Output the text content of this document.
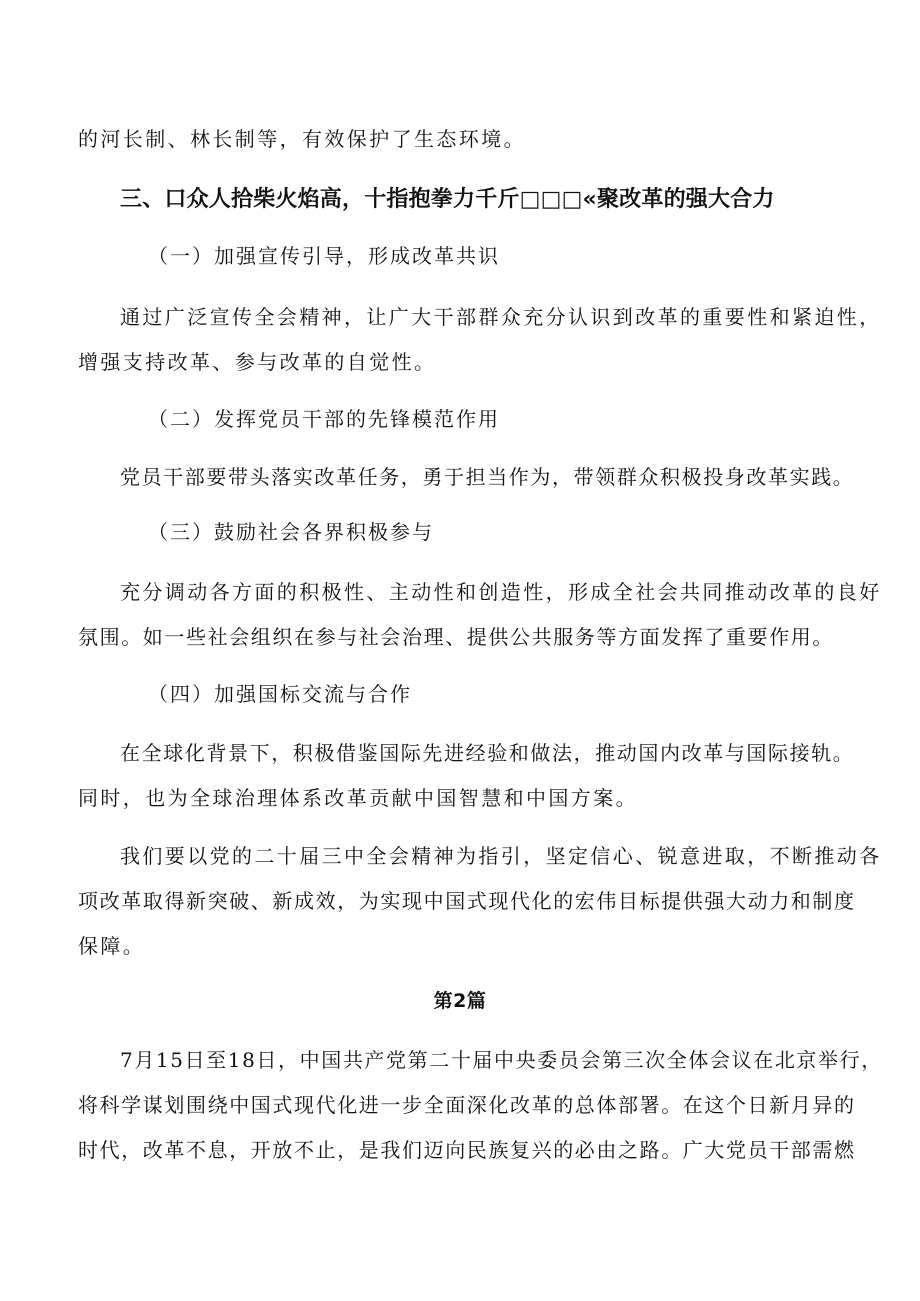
的河长制、林长制等，有效保护了生态环境。
三、口众人拾柴火焰高，十指抱拳力千斤□□□«聚改革的强大合力
（一）加强宣传引导，形成改革共识
通过广泛宣传全会精神，让广大干部群众充分认识到改革的重要性和紧迫性，
增强支持改革、参与改革的自觉性。
（二）发挥党员干部的先锋模范作用
党员干部要带头落实改革任务，勇于担当作为，带领群众积极投身改革实践。
（三）鼓励社会各界积极参与
充分调动各方面的积极性、主动性和创造性，形成全社会共同推动改革的良好
氛围。如一些社会组织在参与社会治理、提供公共服务等方面发挥了重要作用。
（四）加强国标交流与合作
在全球化背景下，积极借鉴国际先进经验和做法，推动国内改革与国际接轨。
同时，也为全球治理体系改革贡献中国智慧和中国方案。
我们要以党的二十届三中全会精神为指引，坚定信心、锐意进取，不断推动各
项改革取得新突破、新成效，为实现中国式现代化的宏伟目标提供强大动力和制度
保障。
第2篇
7月15日至18日，中国共产党第二十届中央委员会第三次全体会议在北京举行，
将科学谋划围绕中国式现代化进一步全面深化改革的总体部署。在这个日新月异的
时代，改革不息，开放不止，是我们迈向民族复兴的必由之路。广大党员干部需燃
